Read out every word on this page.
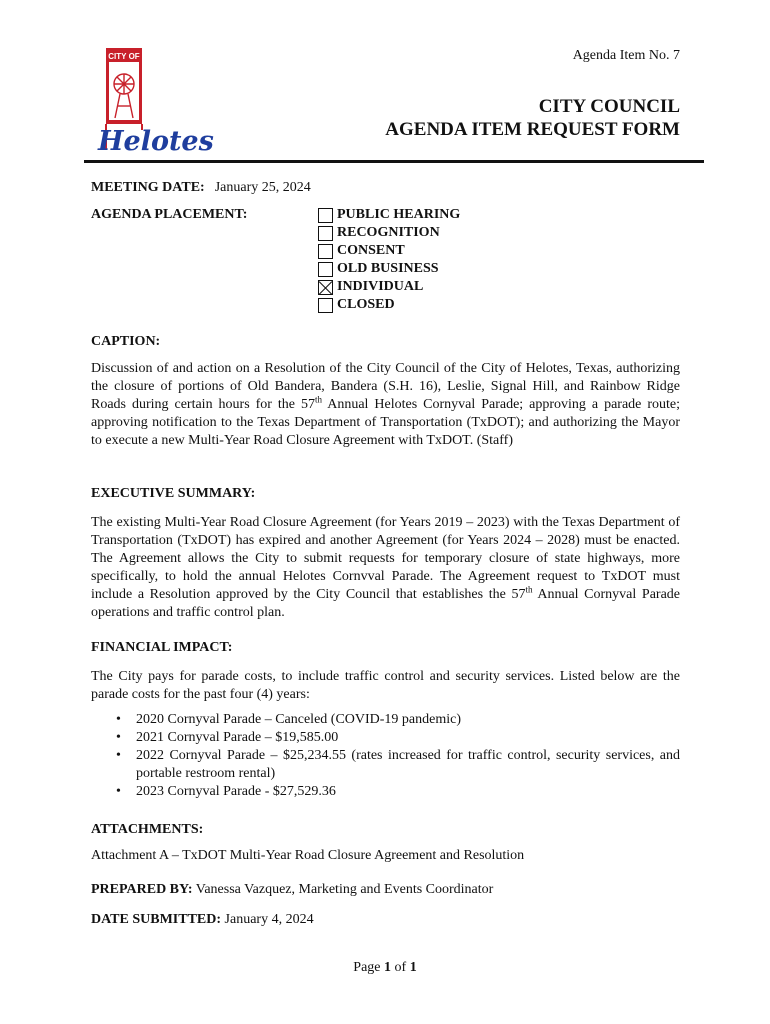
CITY OF
Helotes
Agenda Item No. 7
CITY COUNCIL
AGENDA ITEM REQUEST FORM
MEETING DATE: January 25, 2024
AGENDA PLACEMENT:	PUBLIC HEARING
RECOGNITION
CONSENT
OLD BUSINESS
INDIVIDUAL
CLOSED
CAPTION:
Discussion of and action on a Resolution of the City Council of the City of Helotes, Texas, authorizing the closure of portions of Old Bandera, Bandera (S.H. 16), Leslie, Signal Hill, and Rainbow Ridge Roads during certain hours for the 57th Annual Helotes Cornyval Parade; approving a parade route; approving notification to the Texas Department of Transportation (TxDOT); and authorizing the Mayor to execute a new Multi-Year Road Closure Agreement with TxDOT. (Staff)
EXECUTIVE SUMMARY:
The existing Multi-Year Road Closure Agreement (for Years 2019 – 2023) with the Texas Department of Transportation (TxDOT) has expired and another Agreement (for Years 2024 – 2028) must be enacted. The Agreement allows the City to submit requests for temporary closure of state highways, more specifically, to hold the annual Helotes Cornvval Parade. The Agreement request to TxDOT must include a Resolution approved by the City Council that establishes the 57th Annual Cornyval Parade operations and traffic control plan.
FINANCIAL IMPACT:
The City pays for parade costs, to include traffic control and security services. Listed below are the parade costs for the past four (4) years:
• 2020 Cornyval Parade – Canceled (COVID-19 pandemic)
• 2021 Cornyval Parade – $19,585.00
• 2022 Cornyval Parade – $25,234.55 (rates increased for traffic control, security services, and portable restroom rental)
• 2023 Cornyval Parade - $27,529.36
ATTACHMENTS:
Attachment A – TxDOT Multi-Year Road Closure Agreement and Resolution
PREPARED BY: Vanessa Vazquez, Marketing and Events Coordinator
DATE SUBMITTED: January 4, 2024
Page 1 of 1
